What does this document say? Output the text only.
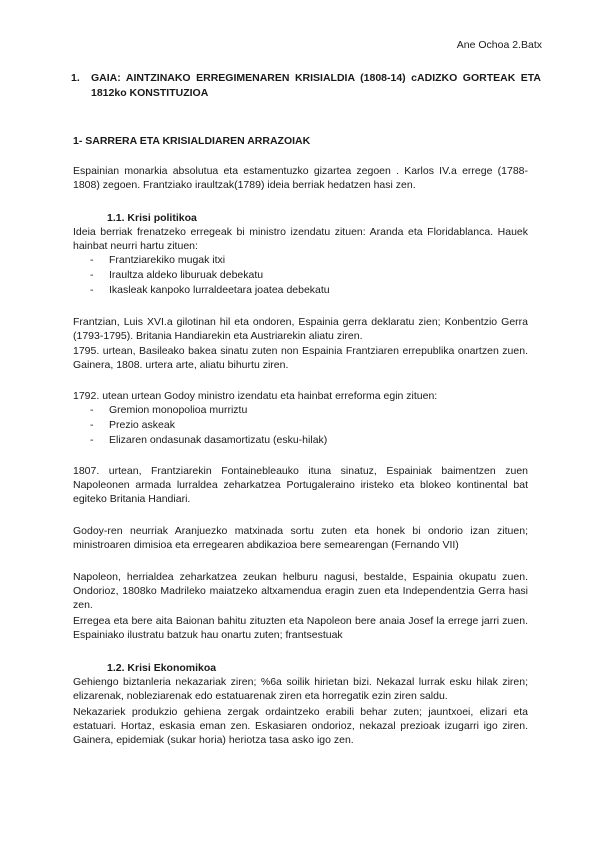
Ane Ochoa 2.Batx
1. GAIA: AINTZINAKO ERREGIMENAREN KRISIALDIA (1808-14) cADIZKO GORTEAK ETA 1812ko KONSTITUZIOA
1- SARRERA ETA KRISIALDIAREN ARRAZOIAK

Espainian monarkia absolutua eta estamentuzko gizartea zegoen . Karlos IV.a errege (1788-1808) zegoen. Frantziako iraultzak(1789) ideia berriak hedatzen hasi zen.

1.1. Krisi politikoa

Ideia berriak frenatzeko erregeak bi ministro izendatu zituen: Aranda eta Floridablanca. Hauek hainbat neurri hartu zituen:

- Frantziarekiko mugak itxi
- Iraultza aldeko liburuak debekatu
- Ikasleak kanpoko lurraldeetara joatea debekatu

Frantzian, Luis XVI.a gilotinan hil eta ondoren, Espainia gerra deklaratu zien; Konbentzio Gerra (1793-1795). Britania Handiarekin eta Austriarekin aliatu ziren.

1795. urtean, Basileako bakea sinatu zuten non Espainia Frantziaren errepublika onartzen zuen. Gainera, 1808. urtera arte, aliatu bihurtu ziren.

1792. utean urtean Godoy ministro izendatu eta hainbat erreforma egin zituen:

- Gremion monopolioa murriztu
- Prezio askeak
- Elizaren ondasunak dasamortizatu (esku-hilak)

1807. urtean, Frantziarekin Fontainebleauko ituna sinatuz, Espainiak baimentzen zuen Napoleonen armada lurraldea zeharkatzea Portugaleraino iristeko eta blokeo kontinental bat egiteko Britania Handiari.

Godoy-ren neurriak Aranjuezko matxinada sortu zuten eta honek bi ondorio izan zituen; ministroaren dimisioa eta erregearen abdikazioa bere semearengan (Fernando VII)

Napoleon, herrialdea zeharkatzea zeukan helburu nagusi, bestalde, Espainia okupatu zuen. Ondorioz, 1808ko Madrileko maiatzeko altxamendua eragin zuen eta Independentzia Gerra hasi zen.

Erregea eta bere aita Baionan bahitu zituzten eta Napoleon bere anaia Josef la errege jarri zuen. Espainiako ilustratu batzuk hau onartu zuten; frantsestuak

1.2. Krisi Ekonomikoa

Gehiengo biztanleria nekazariak ziren; %6a soilik hirietan bizi. Nekazal lurrak esku hilak ziren; elizarenak, nobleziarenak edo estatuarenak ziren eta horregatik ezin ziren saldu.

Nekazariek produkzio gehiena zergak ordaintzeko erabili behar zuten; jauntxoei, elizari eta estatuari. Hortaz, eskasia eman zen. Eskasiaren ondorioz, nekazal prezioak izugarri igo ziren. Gainera, epidemiak (sukar horia) heriotza tasa asko igo zen.
